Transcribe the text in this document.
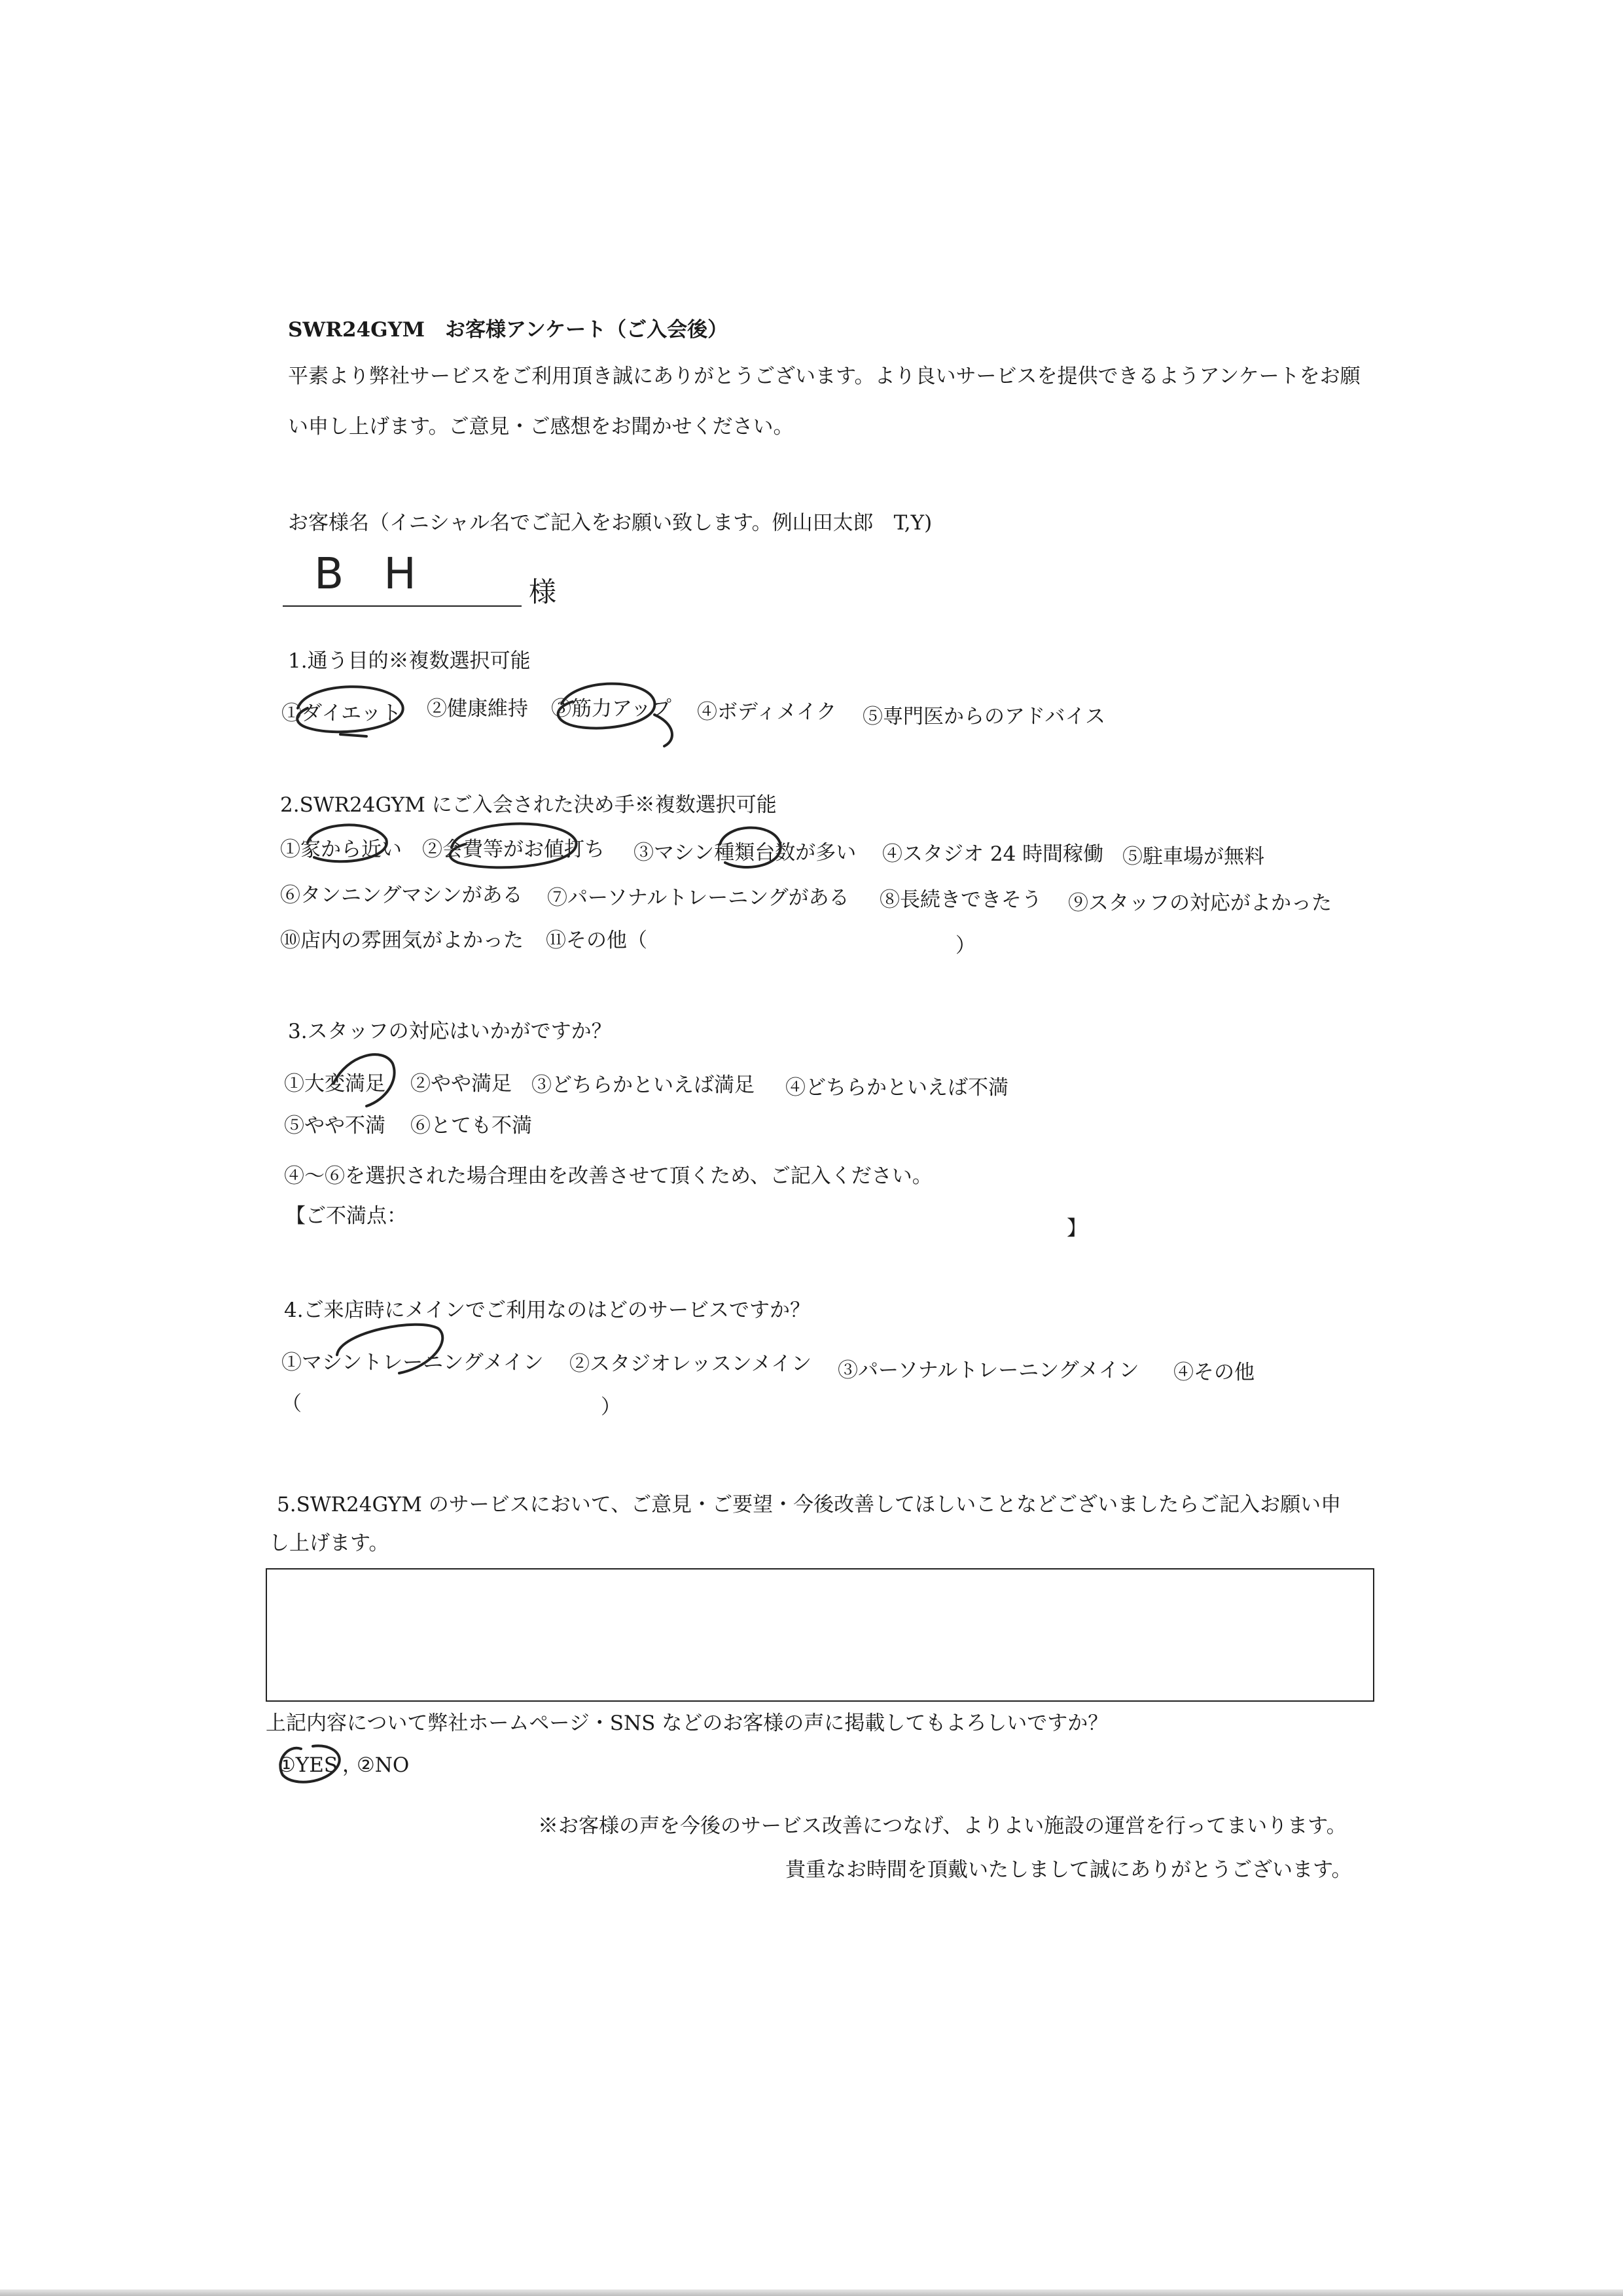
SWR24GYM　お客様アンケート（ご入会後）
平素より弊社サービスをご利用頂き誠にありがとうございます。より良いサービスを提供できるようアンケートをお願
い申し上げます。ご意見・ご感想をお聞かせください。
お客様名（イニシャル名でご記入をお願い致します。例山田太郎　T,Y)
B H	様
1.通う目的※複数選択可能
①ダイエット ②健康維持 ③筋力アップ ④ボディメイク ⑤専門医からのアドバイス
2.SWR24GYM にご入会された決め手※複数選択可能
①家から近い ②会費等がお値打ち ③マシン種類台数が多い ④スタジオ 24 時間稼働 ⑤駐車場が無料
⑥タンニングマシンがある ⑦パーソナルトレーニングがある ⑧長続きできそう ⑨スタッフの対応がよかった
⑩店内の雰囲気がよかった ⑪その他（	）
3.スタッフの対応はいかがですか？
①大変満足 ②やや満足 ③どちらかといえば満足 ④どちらかといえば不満
⑤やや不満 ⑥とても不満
④～⑥を選択された場合理由を改善させて頂くため、ご記入ください。
【ご不満点：
】
4.ご来店時にメインでご利用なのはどのサービスですか？
①マシントレーニングメイン ②スタジオレッスンメイン ③パーソナルトレーニングメイン ④その他
（	）
5.SWR24GYM のサービスにおいて、ご意見・ご要望・今後改善してほしいことなどございましたらご記入お願い申
し上げます。
上記内容について弊社ホームページ・SNS などのお客様の声に掲載してもよろしいですか？
①YES ，
②NO
※お客様の声を今後のサービス改善につなげ、よりよい施設の運営を行ってまいります。
貴重なお時間を頂戴いたしまして誠にありがとうございます。
